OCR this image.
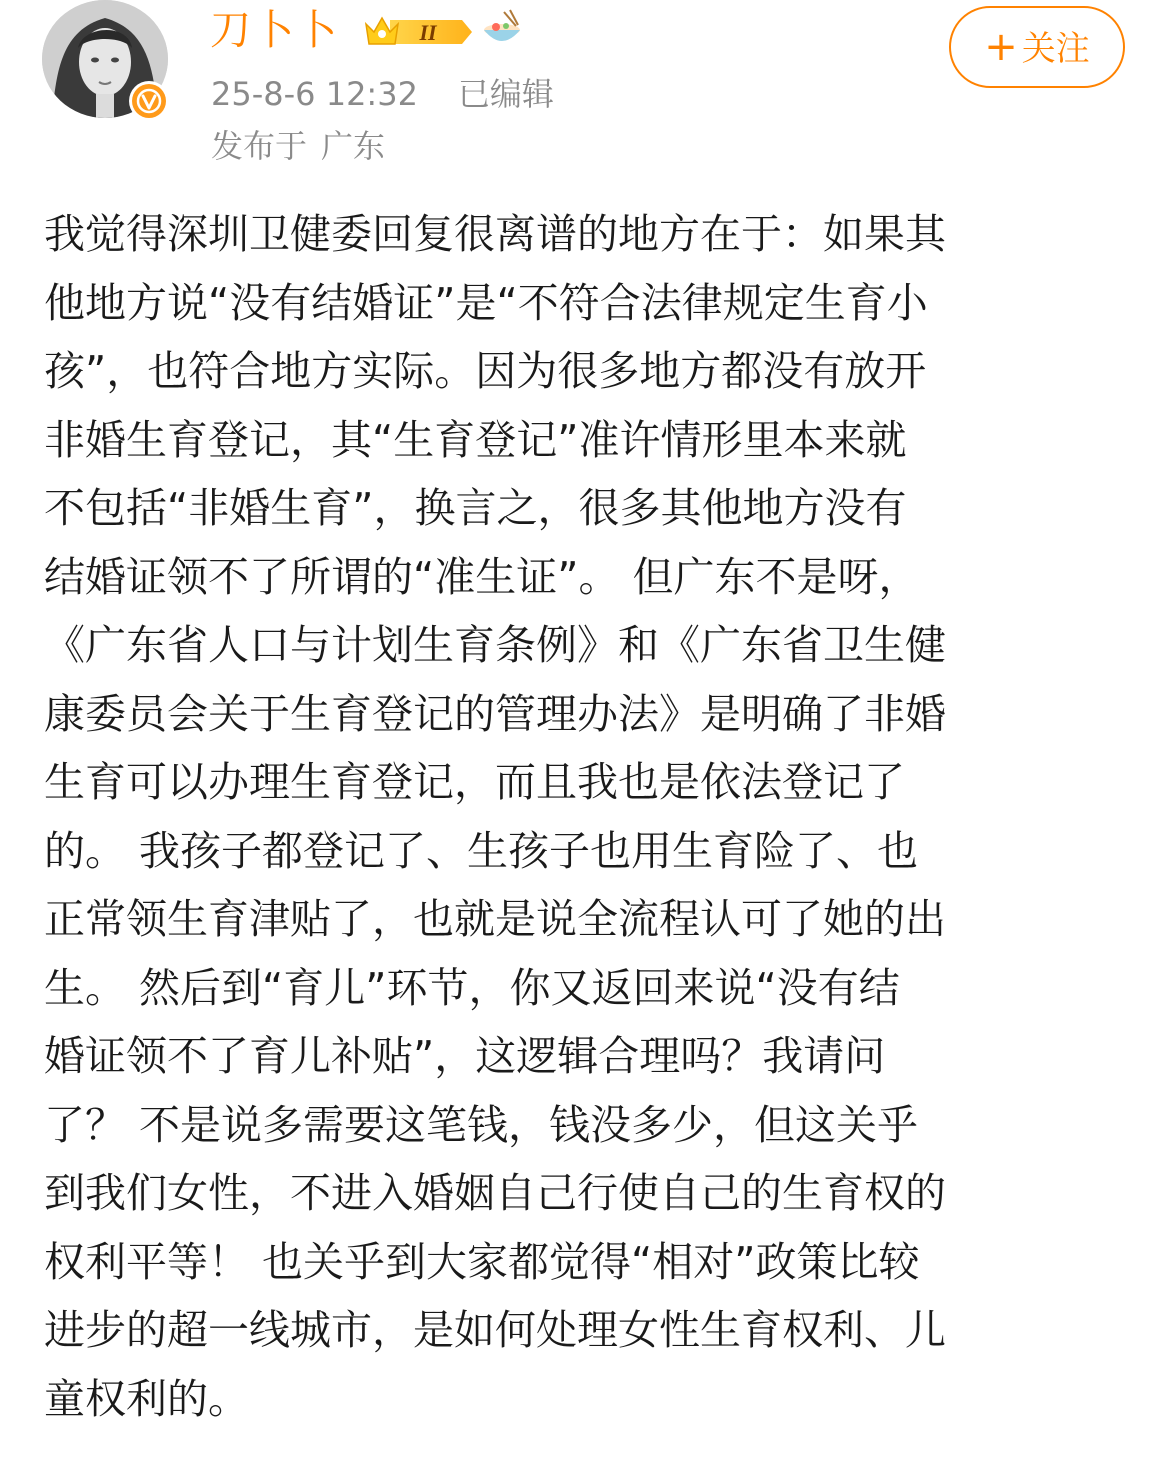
刀卜卜	II
25-8-6 12:32 已编辑
发布于 广东
+ 关注
我觉得深圳卫健委回复很离谱的地方在于：如果其
他地方说“没有结婚证”是“不符合法律规定生育小
孩”，也符合地方实际。因为很多地方都没有放开
非婚生育登记，其“生育登记”准许情形里本来就
不包括“非婚生育”，换言之，很多其他地方没有
结婚证领不了所谓的“准生证”。 但广东不是呀，
《广东省人口与计划生育条例》和《广东省卫生健
康委员会关于生育登记的管理办法》是明确了非婚
生育可以办理生育登记，而且我也是依法登记了
的。 我孩子都登记了、生孩子也用生育险了、也
正常领生育津贴了，也就是说全流程认可了她的出
生。 然后到“育儿”环节，你又返回来说“没有结
婚证领不了育儿补贴”，这逻辑合理吗？我请问
了？ 不是说多需要这笔钱，钱没多少，但这关乎
到我们女性，不进入婚姻自己行使自己的生育权的
权利平等！ 也关乎到大家都觉得“相对”政策比较
进步的超一线城市，是如何处理女性生育权利、儿
童权利的。
